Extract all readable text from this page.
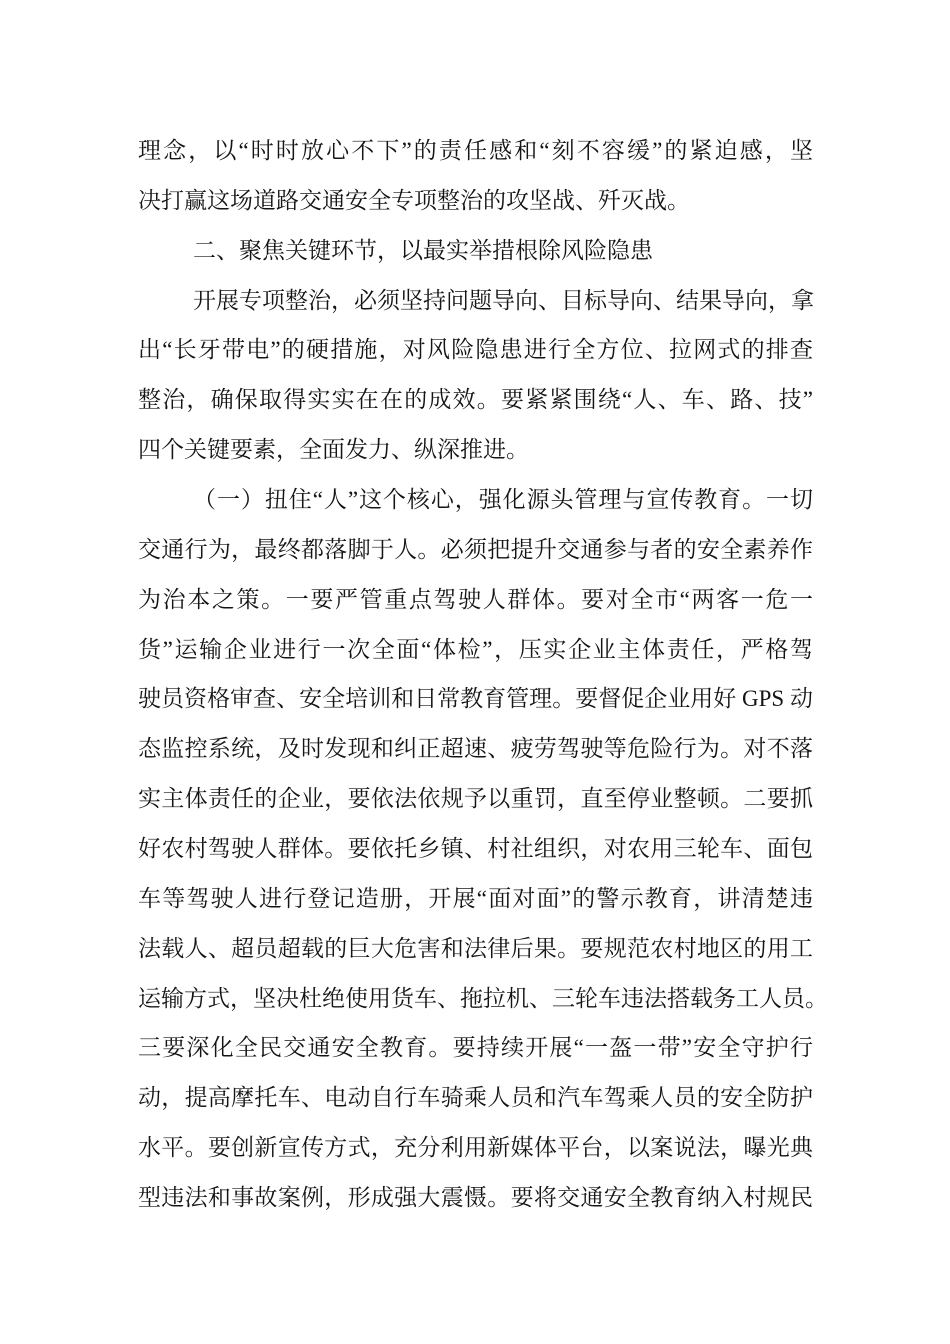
理念，以“时时放心不下”的责任感和“刻不容缓”的紧迫感，坚
决打赢这场道路交通安全专项整治的攻坚战、歼灭战。
二、聚焦关键环节，以最实举措根除风险隐患
开展专项整治，必须坚持问题导向、目标导向、结果导向，拿
出“长牙带电”的硬措施，对风险隐患进行全方位、拉网式的排查
整治，确保取得实实在在的成效。要紧紧围绕“人、车、路、技”
四个关键要素，全面发力、纵深推进。
（一）扭住“人”这个核心，强化源头管理与宣传教育。一切
交通行为，最终都落脚于人。必须把提升交通参与者的安全素养作
为治本之策。一要严管重点驾驶人群体。要对全市“两客一危一
货”运输企业进行一次全面“体检”，压实企业主体责任，严格驾
驶员资格审查、安全培训和日常教育管理。要督促企业用好 GPS 动
态监控系统，及时发现和纠正超速、疲劳驾驶等危险行为。对不落
实主体责任的企业，要依法依规予以重罚，直至停业整顿。二要抓
好农村驾驶人群体。要依托乡镇、村社组织，对农用三轮车、面包
车等驾驶人进行登记造册，开展“面对面”的警示教育，讲清楚违
法载人、超员超载的巨大危害和法律后果。要规范农村地区的用工
运输方式，坚决杜绝使用货车、拖拉机、三轮车违法搭载务工人员。
三要深化全民交通安全教育。要持续开展“一盔一带”安全守护行
动，提高摩托车、电动自行车骑乘人员和汽车驾乘人员的安全防护
水平。要创新宣传方式，充分利用新媒体平台，以案说法，曝光典
型违法和事故案例，形成强大震慑。要将交通安全教育纳入村规民
